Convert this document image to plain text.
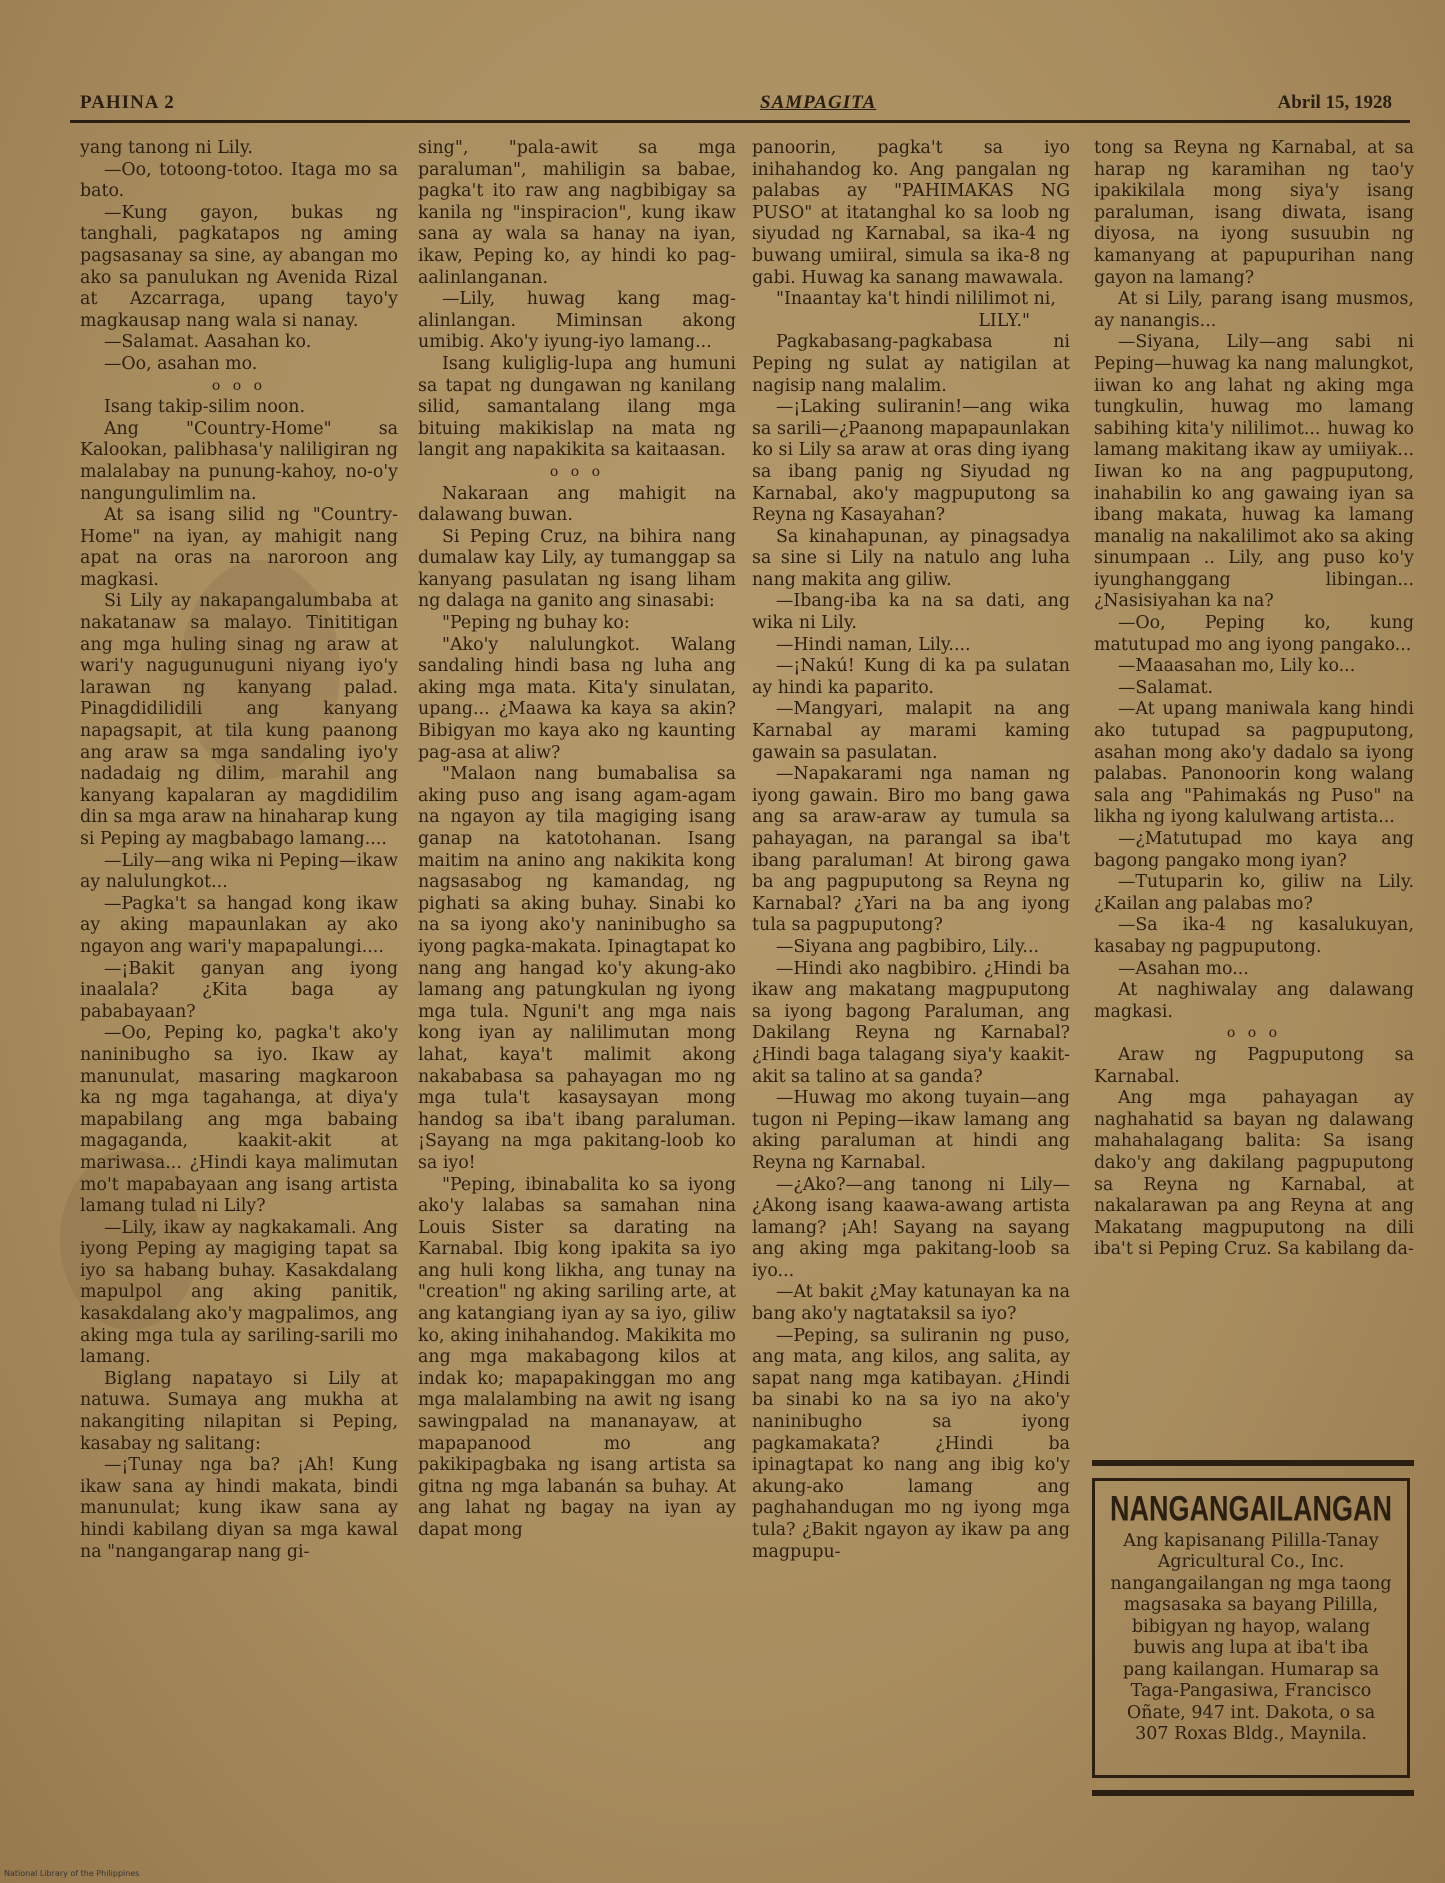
PAHINA 2	SAMPAGITA	Abril 15, 1928

yang tanong ni Lily.

—Oo, totoong-totoo. Itaga mo sa bato.

—Kung gayon, bukas ng tanghali, pagkatapos ng aming pagsasanay sa sine, ay abangan mo ako sa panulukan ng Avenida Rizal at Azcarraga, upang tayo'y magkausap nang wala si nanay.

—Salamat. Aasahan ko.

—Oo, asahan mo.

o o o

Isang takip-silim noon.

Ang "Country-Home" sa Kalookan, palibhasa'y naliligiran ng malalabay na punung-kahoy, no-o'y nangungulimlim na.

At sa isang silid ng "Country-Home" na iyan, ay mahigit nang apat na oras na naroroon ang magkasi.

Si Lily ay nakapangalumbaba at nakatanaw sa malayo. Tinititigan ang mga huling sinag ng araw at wari'y nagugunuguni niyang iyo'y larawan ng kanyang palad. Pinagdidilidili ang kanyang napagsapit, at tila kung paanong ang araw sa mga sandaling iyo'y nadadaig ng dilim, marahil ang kanyang kapalaran ay magdidilim din sa mga araw na hinaharap kung si Peping ay magbabago lamang....

—Lily—ang wika ni Peping—ikaw ay nalulungkot...

—Pagka't sa hangad kong ikaw ay aking mapaunlakan ay ako ngayon ang wari'y mapapalungi....

—¡Bakit ganyan ang iyong inaalala? ¿Kita baga ay pababayaan?

—Oo, Peping ko, pagka't ako'y naninibugho sa iyo. Ikaw ay manunulat, masaring magkaroon ka ng mga tagahanga, at diya'y mapabilang ang mga babaing magaganda, kaakit-akit at mariwasa... ¿Hindi kaya malimutan mo't mapabayaan ang isang artista lamang tulad ni Lily?

—Lily, ikaw ay nagkakamali. Ang iyong Peping ay magiging tapat sa iyo sa habang buhay. Kasakdalang mapulpol ang aking panitik, kasakdalang ako'y magpalimos, ang aking mga tula ay sariling-sarili mo lamang.

Biglang napatayo si Lily at natuwa. Sumaya ang mukha at nakangiting nilapitan si Peping, kasabay ng salitang:

—¡Tunay nga ba? ¡Ah! Kung ikaw sana ay hindi makata, bindi manunulat; kung ikaw sana ay hindi kabilang diyan sa mga kawal na "nangangarap nang gi-

sing", "pala-awit sa mga paraluman", mahiligin sa babae, pagka't ito raw ang nagbibigay sa kanila ng "inspiracion", kung ikaw sana ay wala sa hanay na iyan, ikaw, Peping ko, ay hindi ko pag-aalinlanganan.

—Lily, huwag kang mag-alinlangan. Miminsan akong umibig. Ako'y iyung-iyo lamang...

Isang kuliglig-lupa ang humuni sa tapat ng dungawan ng kanilang silid, samantalang ilang mga bituing makikislap na mata ng langit ang napakikita sa kaitaasan.

o o o

Nakaraan ang mahigit na dalawang buwan.

Si Peping Cruz, na bihira nang dumalaw kay Lily, ay tumanggap sa kanyang pasulatan ng isang liham ng dalaga na ganito ang sinasabi:

"Peping ng buhay ko:

"Ako'y nalulungkot. Walang sandaling hindi basa ng luha ang aking mga mata. Kita'y sinulatan, upang... ¿Maawa ka kaya sa akin? Bibigyan mo kaya ako ng kaunting pag-asa at aliw?

"Malaon nang bumabalisa sa aking puso ang isang agam-agam na ngayon ay tila magiging isang ganap na katotohanan. Isang maitim na anino ang nakikita kong nagsasabog ng kamandag, ng pighati sa aking buhay. Sinabi ko na sa iyong ako'y naninibugho sa iyong pagka-makata. Ipinagtapat ko nang ang hangad ko'y akung-ako lamang ang patungkulan ng iyong mga tula. Nguni't ang mga nais kong iyan ay nalilimutan mong lahat, kaya't malimit akong nakababasa sa pahayagan mo ng mga tula't kasaysayan mong handog sa iba't ibang paraluman. ¡Sayang na mga pakitang-loob ko sa iyo!

"Peping, ibinabalita ko sa iyong ako'y lalabas sa samahan nina Louis Sister sa darating na Karnabal. Ibig kong ipakita sa iyo ang huli kong likha, ang tunay na "creation" ng aking sariling arte, at ang katangiang iyan ay sa iyo, giliw ko, aking inihahandog. Makikita mo ang mga makabagong kilos at indak ko; mapapakinggan mo ang mga malalambing na awit ng isang sawingpalad na mananayaw, at mapapanood mo ang pakikipagbaka ng isang artista sa gitna ng mga labanán sa buhay. At ang lahat ng bagay na iyan ay dapat mong

panoorin, pagka't sa iyo inihahandog ko. Ang pangalan ng palabas ay "PAHIMAKAS NG PUSO" at itatanghal ko sa loob ng siyudad ng Karnabal, sa ika-4 ng buwang umiiral, simula sa ika-8 ng gabi. Huwag ka sanang mawawala.

"Inaantay ka't hindi nililimot ni,

LILY."

Pagkabasang-pagkabasa ni Peping ng sulat ay natigilan at nagisip nang malalim.

—¡Laking suliranin!—ang wika sa sarili—¿Paanong mapapaunlakan ko si Lily sa araw at oras ding iyang sa ibang panig ng Siyudad ng Karnabal, ako'y magpuputong sa Reyna ng Kasayahan?

Sa kinahapunan, ay pinagsadya sa sine si Lily na natulo ang luha nang makita ang giliw.

—Ibang-iba ka na sa dati, ang wika ni Lily.

—Hindi naman, Lily....

—¡Nakú! Kung di ka pa sulatan ay hindi ka paparito.

—Mangyari, malapit na ang Karnabal ay marami kaming gawain sa pasulatan.

—Napakarami nga naman ng iyong gawain. Biro mo bang gawa ang sa araw-araw ay tumula sa pahayagan, na parangal sa iba't ibang paraluman! At birong gawa ba ang pagpuputong sa Reyna ng Karnabal? ¿Yari na ba ang iyong tula sa pagpuputong?

—Siyana ang pagbibiro, Lily...

—Hindi ako nagbibiro. ¿Hindi ba ikaw ang makatang magpuputong sa iyong bagong Paraluman, ang Dakilang Reyna ng Karnabal? ¿Hindi baga talagang siya'y kaakit-akit sa talino at sa ganda?

—Huwag mo akong tuyain—ang tugon ni Peping—ikaw lamang ang aking paraluman at hindi ang Reyna ng Karnabal.

—¿Ako?—ang tanong ni Lily—¿Akong isang kaawa-awang artista lamang? ¡Ah! Sayang na sayang ang aking mga pakitang-loob sa iyo...

—At bakit ¿May katunayan ka na bang ako'y nagtataksil sa iyo?

—Peping, sa suliranin ng puso, ang mata, ang kilos, ang salita, ay sapat nang mga katibayan. ¿Hindi ba sinabi ko na sa iyo na ako'y naninibugho sa iyong pagkamakata? ¿Hindi ba ipinagtapat ko nang ang ibig ko'y akung-ako lamang ang paghahandugan mo ng iyong mga tula? ¿Bakit ngayon ay ikaw pa ang magpupu-

tong sa Reyna ng Karnabal, at sa harap ng karamihan ng tao'y ipakikilala mong siya'y isang paraluman, isang diwata, isang diyosa, na iyong susuubin ng kamanyang at papupurihan nang gayon na lamang?

At si Lily, parang isang musmos, ay nanangis...

—Siyana, Lily—ang sabi ni Peping—huwag ka nang malungkot, iiwan ko ang lahat ng aking mga tungkulin, huwag mo lamang sabihing kita'y nililimot... huwag ko lamang makitang ikaw ay umiiyak... Iiwan ko na ang pagpuputong, inahabilin ko ang gawaing iyan sa ibang makata, huwag ka lamang manalig na nakalilimot ako sa aking sinumpaan .. Lily, ang puso ko'y iyunghanggang libingan... ¿Nasisiyahan ka na?

—Oo, Peping ko, kung matutupad mo ang iyong pangako...

—Maaasahan mo, Lily ko...

—Salamat.

—At upang maniwala kang hindi ako tutupad sa pagpuputong, asahan mong ako'y dadalo sa iyong palabas. Panonoorin kong walang sala ang "Pahimakás ng Puso" na likha ng iyong kalulwang artista...

—¿Matutupad mo kaya ang bagong pangako mong iyan?

—Tutuparin ko, giliw na Lily. ¿Kailan ang palabas mo?

—Sa ika-4 ng kasalukuyan, kasabay ng pagpuputong.

—Asahan mo...

At naghiwalay ang dalawang magkasi.

o o o

Araw ng Pagpuputong sa Karnabal.

Ang mga pahayagan ay naghahatid sa bayan ng dalawang mahahalagang balita: Sa isang dako'y ang dakilang pagpuputong sa Reyna ng Karnabal, at nakalarawan pa ang Reyna at ang Makatang magpuputong na dili iba't si Peping Cruz. Sa kabilang da-

NANGANGAILANGAN
Ang kapisanang Pililla-Tanay Agricultural Co., Inc. nangangailangan ng mga taong magsasaka sa bayang Pililla, bibigyan ng hayop, walang buwis ang lupa at iba't iba pang kailangan. Humarap sa Taga-Pangasiwa, Francisco Oñate, 947 int. Dakota, o sa 307 Roxas Bldg., Maynila.
National Library of the Philippines
